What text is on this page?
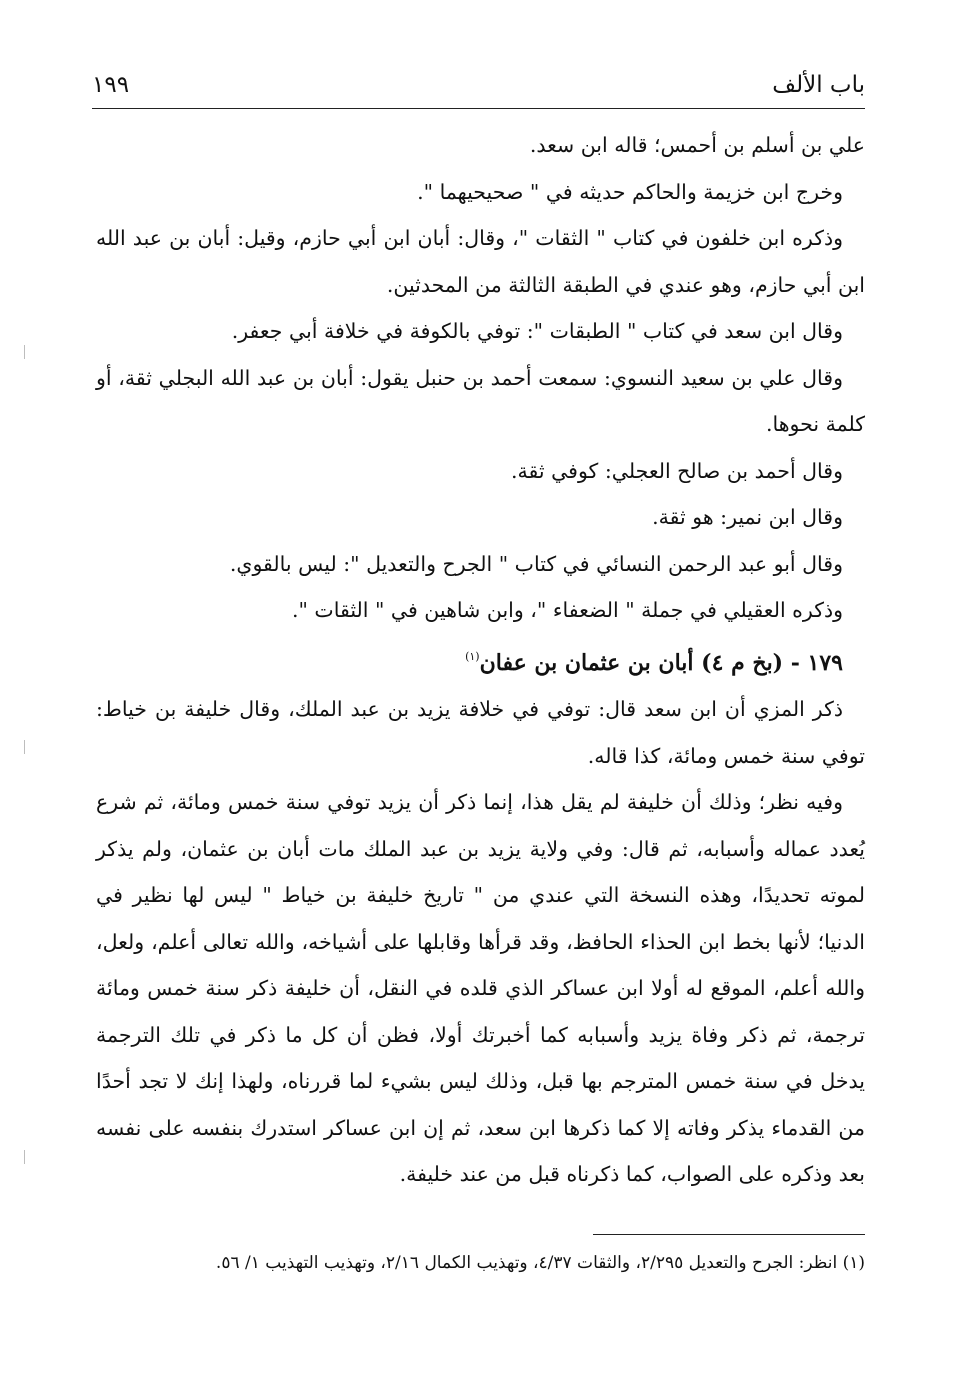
باب الألف
١٩٩

علي بن أسلم بن أحمس؛ قاله ابن سعد.

وخرج ابن خزيمة والحاكم حديثه في " صحيحيهما ".

وذكره ابن خلفون في كتاب " الثقات "، وقال: أبان ابن أبي حازم، وقيل: أبان بن عبد الله ابن أبي حازم، وهو عندي في الطبقة الثالثة من المحدثين.

وقال ابن سعد في كتاب " الطبقات ": توفي بالكوفة في خلافة أبي جعفر.

وقال علي بن سعيد النسوي: سمعت أحمد بن حنبل يقول: أبان بن عبد الله البجلي ثقة، أو كلمة نحوها.

وقال أحمد بن صالح العجلي: كوفي ثقة.

وقال ابن نمير: هو ثقة.

وقال أبو عبد الرحمن النسائي في كتاب " الجرح والتعديل ": ليس بالقوي.

وذكره العقيلي في جملة " الضعفاء "، وابن شاهين في " الثقات ".

١٧٩ - (بخ م ٤) أبان بن عثمان بن عفان$^{(١)}$

ذكر المزي أن ابن سعد قال: توفي في خلافة يزيد بن عبد الملك، وقال خليفة بن خياط: توفي سنة خمس ومائة، كذا قاله.

وفيه نظر؛ وذلك أن خليفة لم يقل هذا، إنما ذكر أن يزيد توفي سنة خمس ومائة، ثم شرع يُعدد عماله وأسبابه، ثم قال: وفي ولاية يزيد بن عبد الملك مات أبان بن عثمان، ولم يذكر لموته تحديدًا، وهذه النسخة التي عندي من " تاريخ خليفة بن خياط " ليس لها نظير في الدنيا؛ لأنها بخط ابن الحذاء الحافظ، وقد قرأها وقابلها على أشياخه، والله تعالى أعلم، ولعل، والله أعلم، الموقع له أولا ابن عساكر الذي قلده في النقل، أن خليفة ذكر سنة خمس ومائة ترجمة، ثم ذكر وفاة يزيد وأسبابه كما أخبرتك أولا، فظن أن كل ما ذكر في تلك الترجمة يدخل في سنة خمس المترجم بها قبل، وذلك ليس بشيء لما قررناه، ولهذا إنك لا تجد أحدًا من القدماء يذكر وفاته إلا كما ذكرها ابن سعد، ثم إن ابن عساكر استدرك بنفسه على نفسه بعد وذكره على الصواب، كما ذكرناه قبل من عند خليفة.

(١) انظر: الجرح والتعديل ٢/٢٩٥، والثقات ٤/٣٧، وتهذيب الكمال ٢/١٦، وتهذيب التهذيب ١/ ٥٦.
